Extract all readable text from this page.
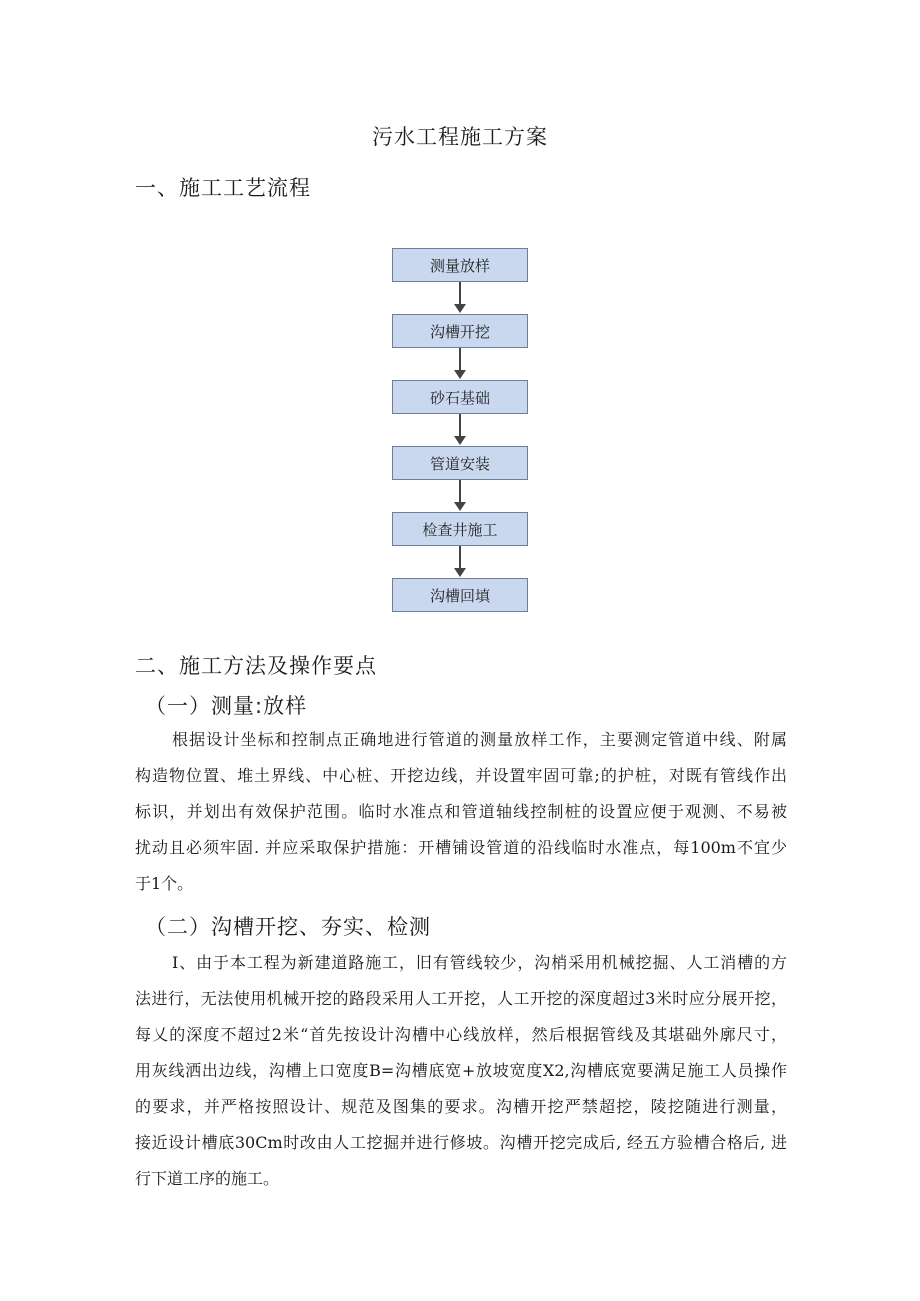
污水工程施工方案
一、施工工艺流程
测量放样
沟槽开挖
砂石基础
管道安装
检查井施工
沟槽回填
二、施工方法及操作要点
（一）测量:放样
根据设计坐标和控制点正确地进行管道的测量放样工作，主要测定管道中线、附属
构造物位置、堆土界线、中心桩、开挖边线，并设置牢固可靠;的护桩，对既有管线作出
标识，并划出有效保护范围。临时水准点和管道轴线控制桩的设置应便于观测、不易被
扰动且必须牢固. 并应采取保护措施：开槽铺设管道的沿线临时水准点，每100m不宜少
于1个。
（二）沟槽开挖、夯实、检测
I、由于本工程为新建道路施工，旧有管线较少，沟梢采用机械挖掘、人工消槽的方
法进行，无法使用机械开挖的路段采用人工开挖，人工开挖的深度超过3米时应分展开挖，
每乂的深度不超过2米“首先按设计沟槽中心线放样，然后根据管线及其堪础外廓尺寸，
用灰线洒出边线，沟槽上口宽度B=沟槽底宽+放坡宽度X2,沟槽底宽要满足施工人员操作
的要求，并严格按照设计、规范及图集的要求。沟槽开挖严禁超挖，陵挖随进行测量，
接近设计槽底30Cm时改由人工挖掘并进行修坡。沟槽开挖完成后, 经五方验槽合格后, 进
行下道工序的施工。
